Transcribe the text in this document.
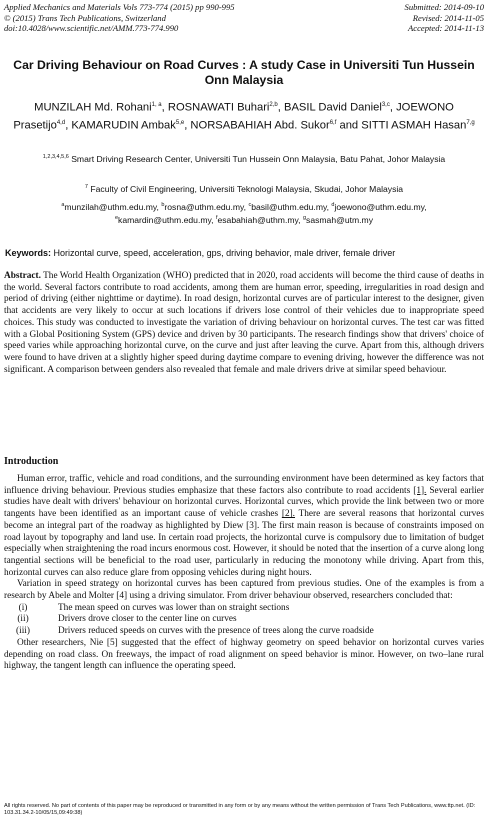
Applied Mechanics and Materials Vols 773-774 (2015) pp 990-995
© (2015) Trans Tech Publications, Switzerland
doi:10.4028/www.scientific.net/AMM.773-774.990
Submitted: 2014-09-10
Revised: 2014-11-05
Accepted: 2014-11-13
Car Driving Behaviour on Road Curves : A study Case in Universiti Tun Hussein Onn Malaysia
MUNZILAH Md. Rohani$^{1, a}$, ROSNAWATI Buhari$^{2,b}$, BASIL David Daniel$^{3,c}$, JOEWONO Prasetijo$^{4,d}$, KAMARUDIN Ambak$^{5,e}$, NORSABAHIAH Abd. Sukor$^{6,f}$ and SITTI ASMAH Hasan$^{7,g}$
$^{1,2,3,4,5,6}$ Smart Driving Research Center, Universiti Tun Hussein Onn Malaysia, Batu Pahat, Johor Malaysia
$^7$ Faculty of Civil Engineering, Universiti Teknologi Malaysia, Skudai, Johor Malaysia
$^a$munzilah@uthm.edu.my, $^b$rosna@uthm.edu.my, $^c$basil@uthm.edu.my, $^d$joewono@uthm.edu.my,
$^e$kamardin@uthm.edu.my, $^f$esabahiah@uthm.my, $^g$sasmah@utm.my
Keywords: Horizontal curve, speed, acceleration, gps, driving behavior, male driver, female driver
Abstract. The World Health Organization (WHO) predicted that in 2020, road accidents will become the third cause of deaths in the world. Several factors contribute to road accidents, among them are human error, speeding, irregularities in road design and period of driving (either nighttime or daytime). In road design, horizontal curves are of particular interest to the designer, given that accidents are very likely to occur at such locations if drivers lose control of their vehicles due to inappropriate speed choices. This study was conducted to investigate the variation of driving behaviour on horizontal curves. The test car was fitted with a Global Positioning System (GPS) device and driven by 30 participants. The research findings show that drivers' choice of speed varies while approaching horizontal curve, on the curve and just after leaving the curve. Apart from this, although drivers were found to have driven at a slightly higher speed during daytime compare to evening driving, however the difference was not significant. A comparison between genders also revealed that female and male drivers drive at similar speed behaviour.
Introduction

Human error, traffic, vehicle and road conditions, and the surrounding environment have been determined as key factors that influence driving behaviour. Previous studies emphasize that these factors also contribute to road accidents [1]. Several earlier studies have dealt with drivers' behaviour on horizontal curves. Horizontal curves, which provide the link between two or more tangents have been identified as an important cause of vehicle crashes [2]. There are several reasons that horizontal curves become an integral part of the roadway as highlighted by Diew [3]. The first main reason is because of constraints imposed on road layout by topography and land use. In certain road projects, the horizontal curve is compulsory due to limitation of budget especially when straightening the road incurs enormous cost. However, it should be noted that the insertion of a curve along long tangential sections will be beneficial to the road user, particularly in reducing the monotony while driving. Apart from this, horizontal curves can also reduce glare from opposing vehicles during night hours.

Variation in speed strategy on horizontal curves has been captured from previous studies. One of the examples is from a research by Abele and Molter [4] using a driving simulator. From driver behaviour observed, researchers concluded that:

(i)	The mean speed on curves was lower than on straight sections
(ii)	Drivers drove closer to the center line on curves
(iii)	Drivers reduced speeds on curves with the presence of trees along the curve roadside

Other researchers, Nie [5] suggested that the effect of highway geometry on speed behavior on horizontal curves varies depending on road class. On freeways, the impact of road alignment on speed behavior is minor. However, on two–lane rural highway, the tangent length can influence the operating speed.

All rights reserved. No part of contents of this paper may be reproduced or transmitted in any form or by any means without the written permission of Trans Tech Publications, www.ttp.net. (ID: 103.31.34.2-10/05/15,09:49:38)
